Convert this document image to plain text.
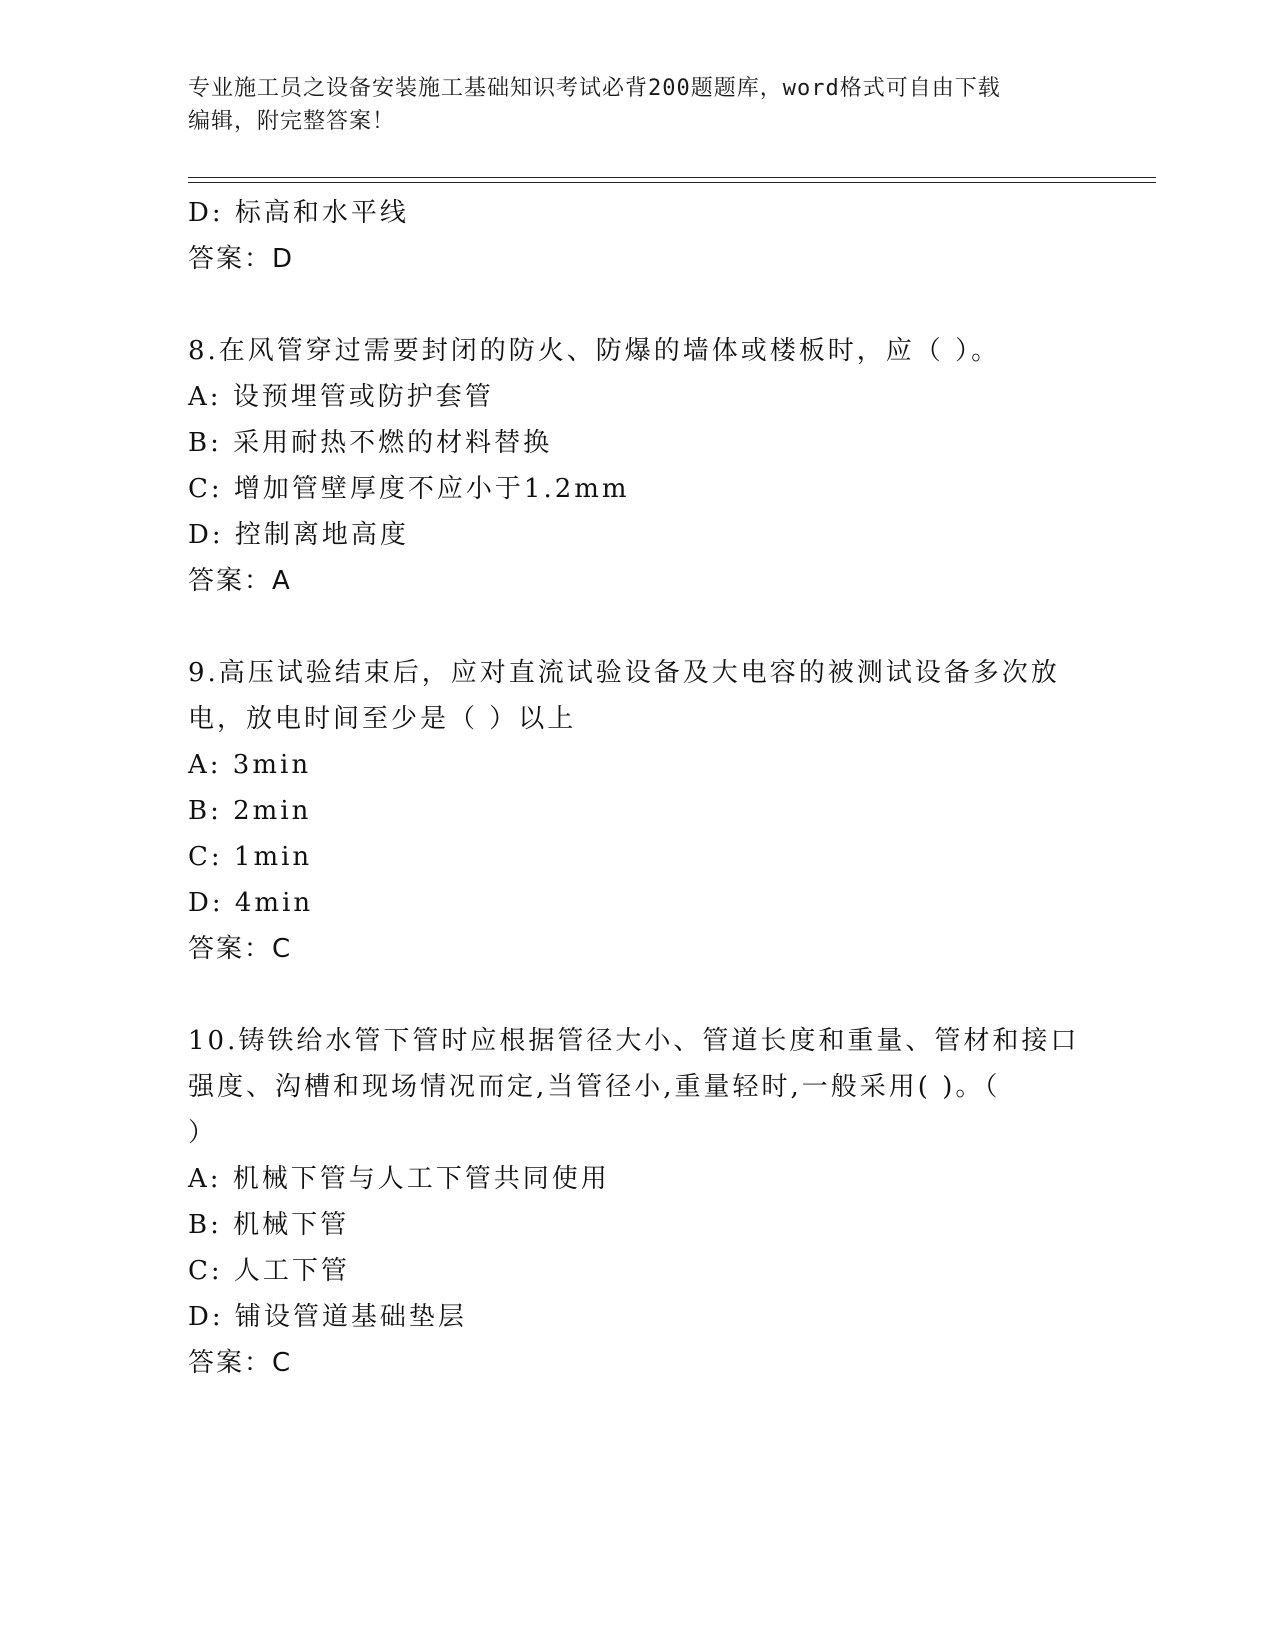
专业施工员之设备安装施工基础知识考试必背200题题库，word格式可自由下载
编辑，附完整答案！
D: 标高和水平线
答案：D
8.在风管穿过需要封闭的防火、防爆的墙体或楼板时，应（ ）。
A: 设预埋管或防护套管
B: 采用耐热不燃的材料替换
C: 增加管壁厚度不应小于1.2mm
D: 控制离地高度
答案：A
9.高压试验结束后，应对直流试验设备及大电容的被测试设备多次放
电，放电时间至少是（ ）以上
A: 3min
B: 2min
C: 1min
D: 4min
答案：C
10.铸铁给水管下管时应根据管径大小、管道长度和重量、管材和接口
强度、沟槽和现场情况而定,当管径小,重量轻时,一般采用( )。（
）
A: 机械下管与人工下管共同使用
B: 机械下管
C: 人工下管
D: 铺设管道基础垫层
答案：C
